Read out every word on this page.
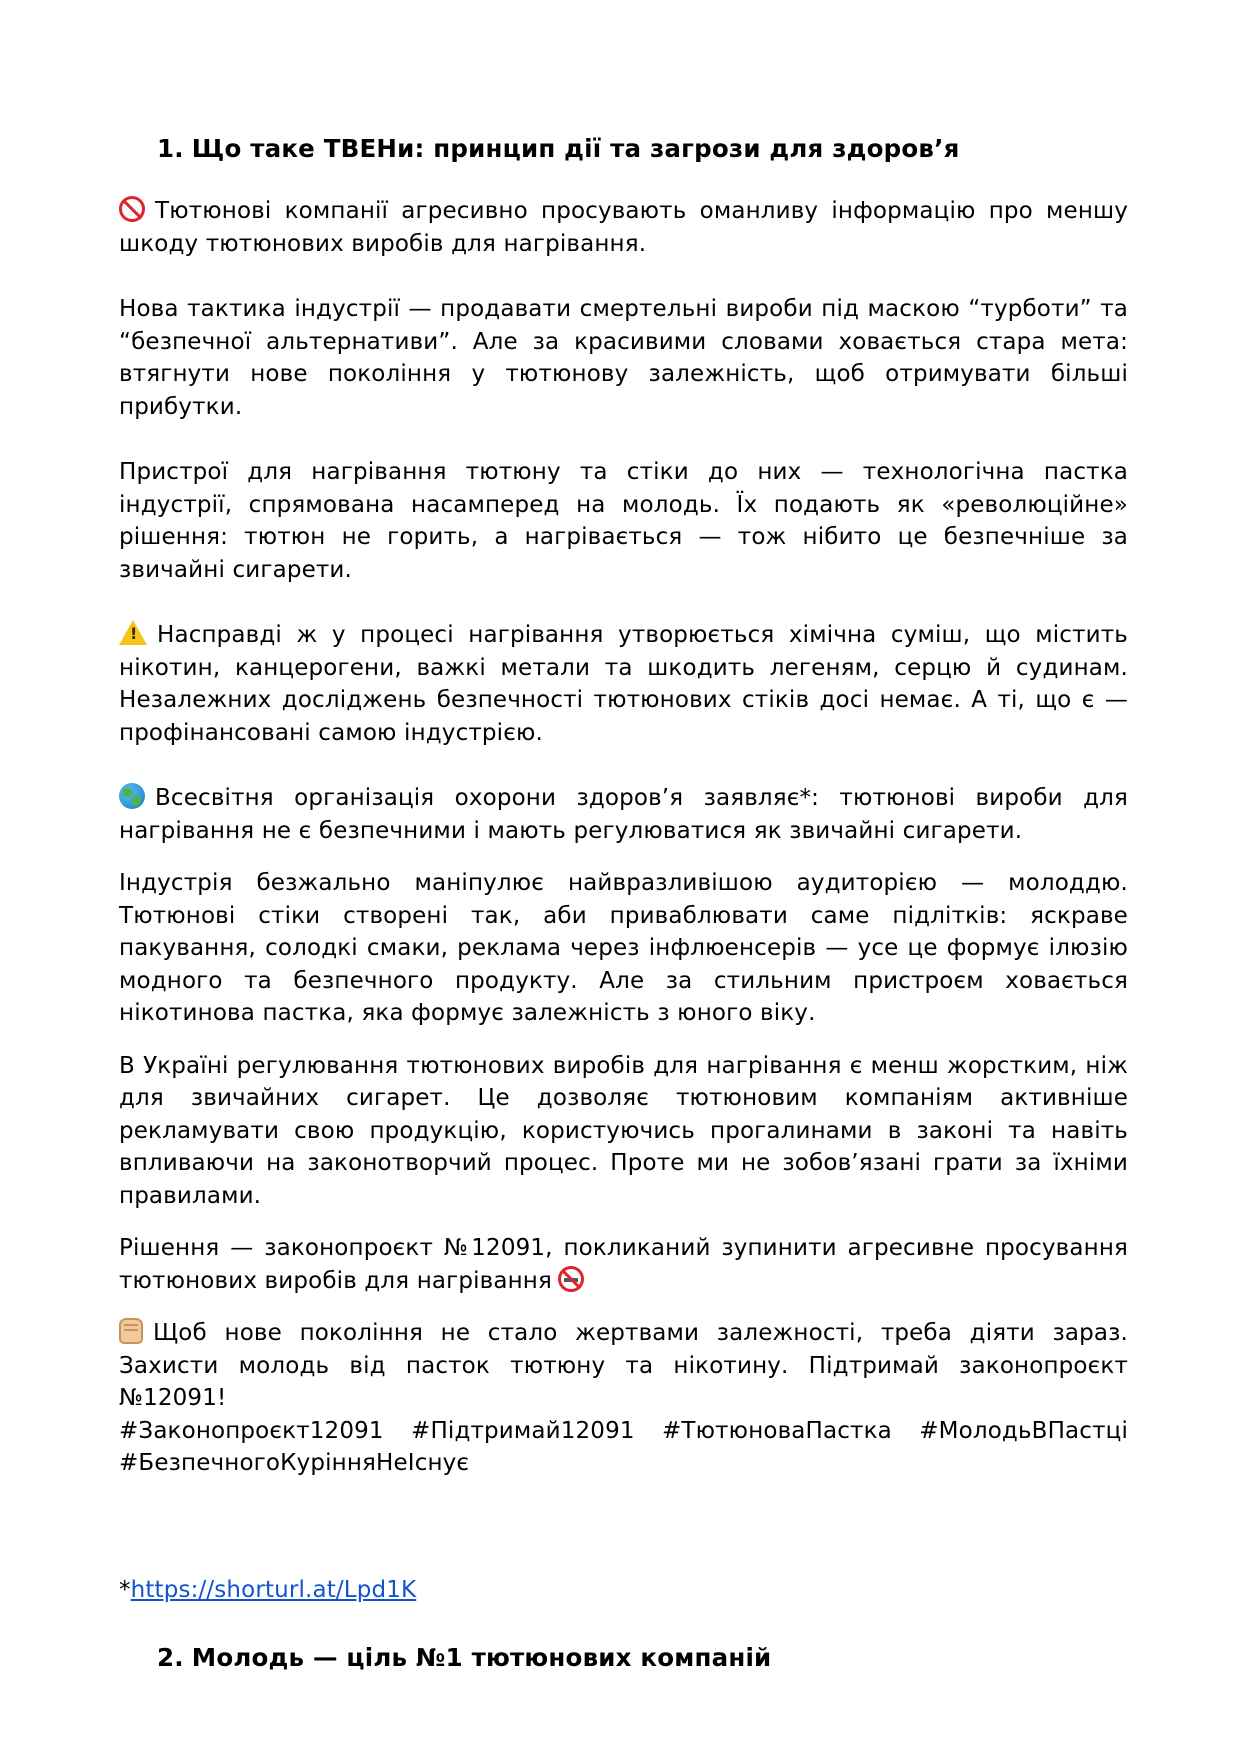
1. Що таке ТВЕНи: принцип дії та загрози для здоров’я

Тютюнові компанії агресивно просувають оманливу інформацію про меншу шкоду тютюнових виробів для нагрівання.

Нова тактика індустрії — продавати смертельні вироби під маскою “турботи” та “безпечної альтернативи”. Але за красивими словами ховається стара мета: втягнути нове покоління у тютюнову залежність, щоб отримувати більші прибутки.

Пристрої для нагрівання тютюну та стіки до них — технологічна пастка індустрії, спрямована насамперед на молодь. Їх подають як «революційне» рішення: тютюн не горить, а нагрівається — тож нібито це безпечніше за звичайні сигарети.

!Насправді ж у процесі нагрівання утворюється хімічна суміш, що містить нікотин, канцерогени, важкі метали та шкодить легеням, серцю й судинам. Незалежних досліджень безпечності тютюнових стіків досі немає. А ті, що є — профінансовані самою індустрією.

Всесвітня організація охорони здоров’я заявляє*: тютюнові вироби для нагрівання не є безпечними і мають регулюватися як звичайні сигарети.

Індустрія безжально маніпулює найвразливішою аудиторією — молоддю. Тютюнові стіки створені так, аби приваблювати саме підлітків: яскраве пакування, солодкі смаки, реклама через інфлюенсерів — усе це формує ілюзію модного та безпечного продукту. Але за стильним пристроєм ховається нікотинова пастка, яка формує залежність з юного віку.

В Україні регулювання тютюнових виробів для нагрівання є менш жорстким, ніж для звичайних сигарет. Це дозволяє тютюновим компаніям активніше рекламувати свою продукцію, користуючись прогалинами в законі та навіть впливаючи на законотворчий процес. Проте ми не зобов’язані грати за їхніми правилами.

Рішення — законопроєкт №12091, покликаний зупинити агресивне просування тютюнових виробів для нагрівання

Щоб нове покоління не стало жертвами залежності, треба діяти зараз. Захисти молодь від пасток тютюну та нікотину. Підтримай законопроєкт №12091!

#Законопроєкт12091 #Підтримай12091 #ТютюноваПастка #МолодьВПастці
#БезпечногоКурінняНеІснує

*https://shorturl.at/Lpd1K

2. Молодь — ціль №1 тютюнових компаній
